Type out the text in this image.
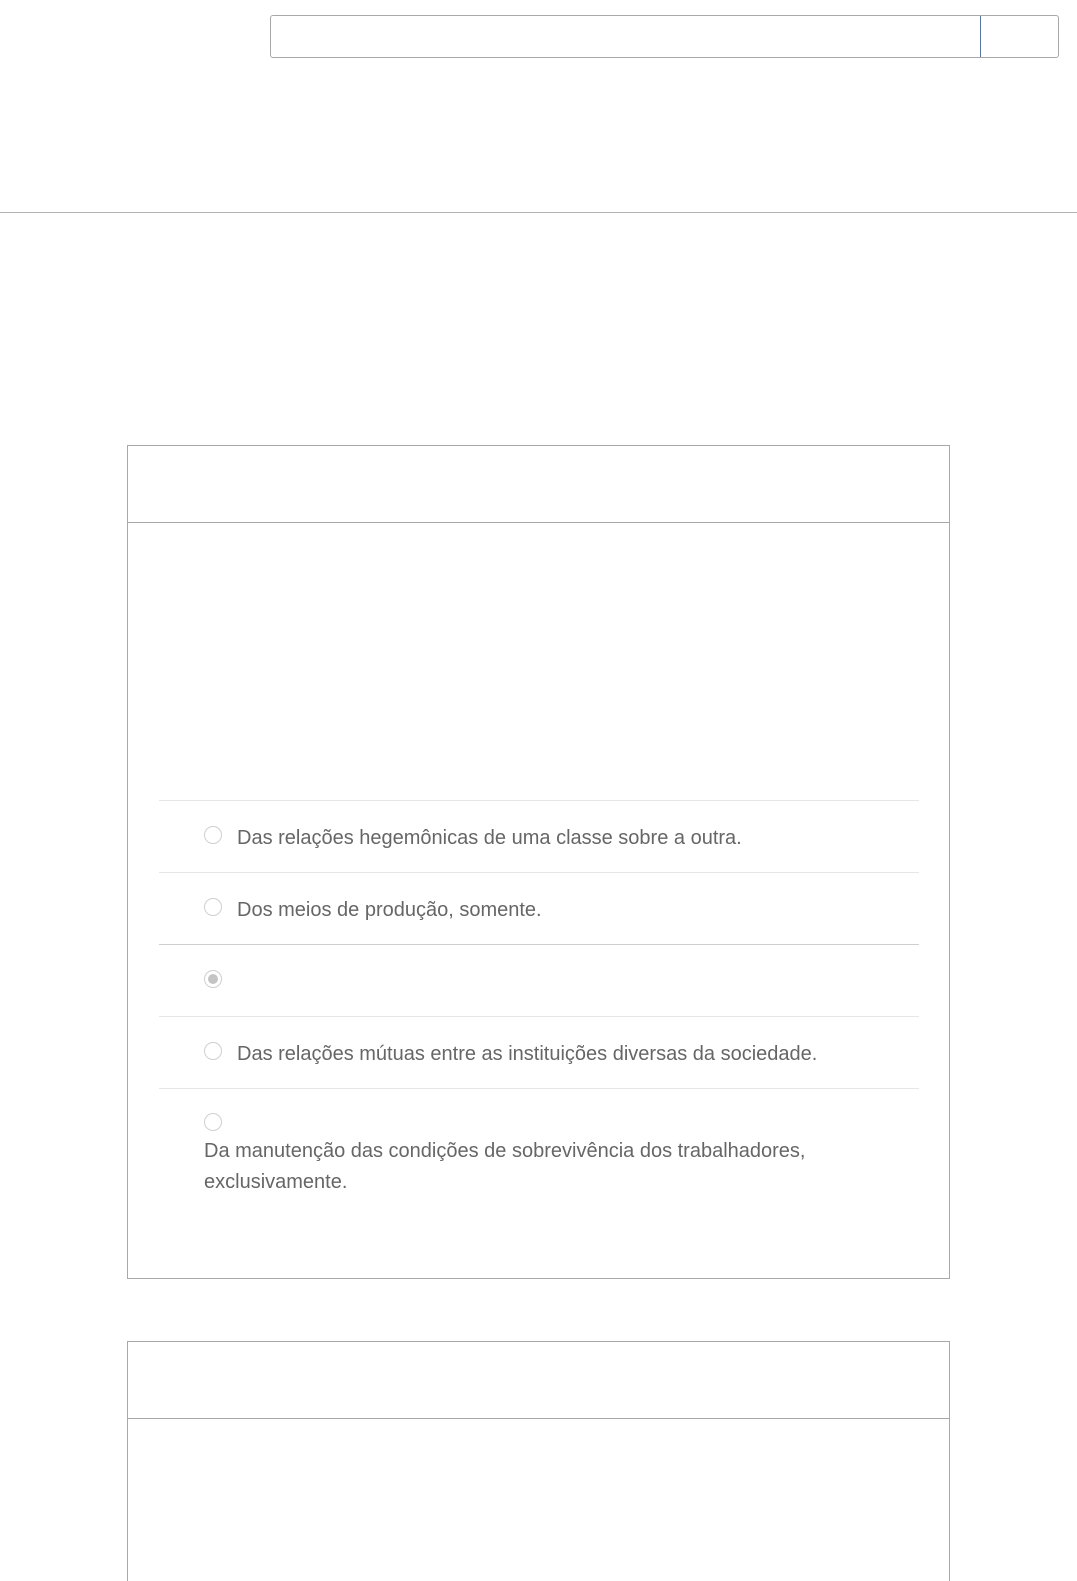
Das relações hegemônicas de uma classe sobre a outra.
Dos meios de produção, somente.
Das relações mútuas entre as instituições diversas da sociedade.
Da manutenção das condições de sobrevivência dos trabalhadores, exclusivamente.
